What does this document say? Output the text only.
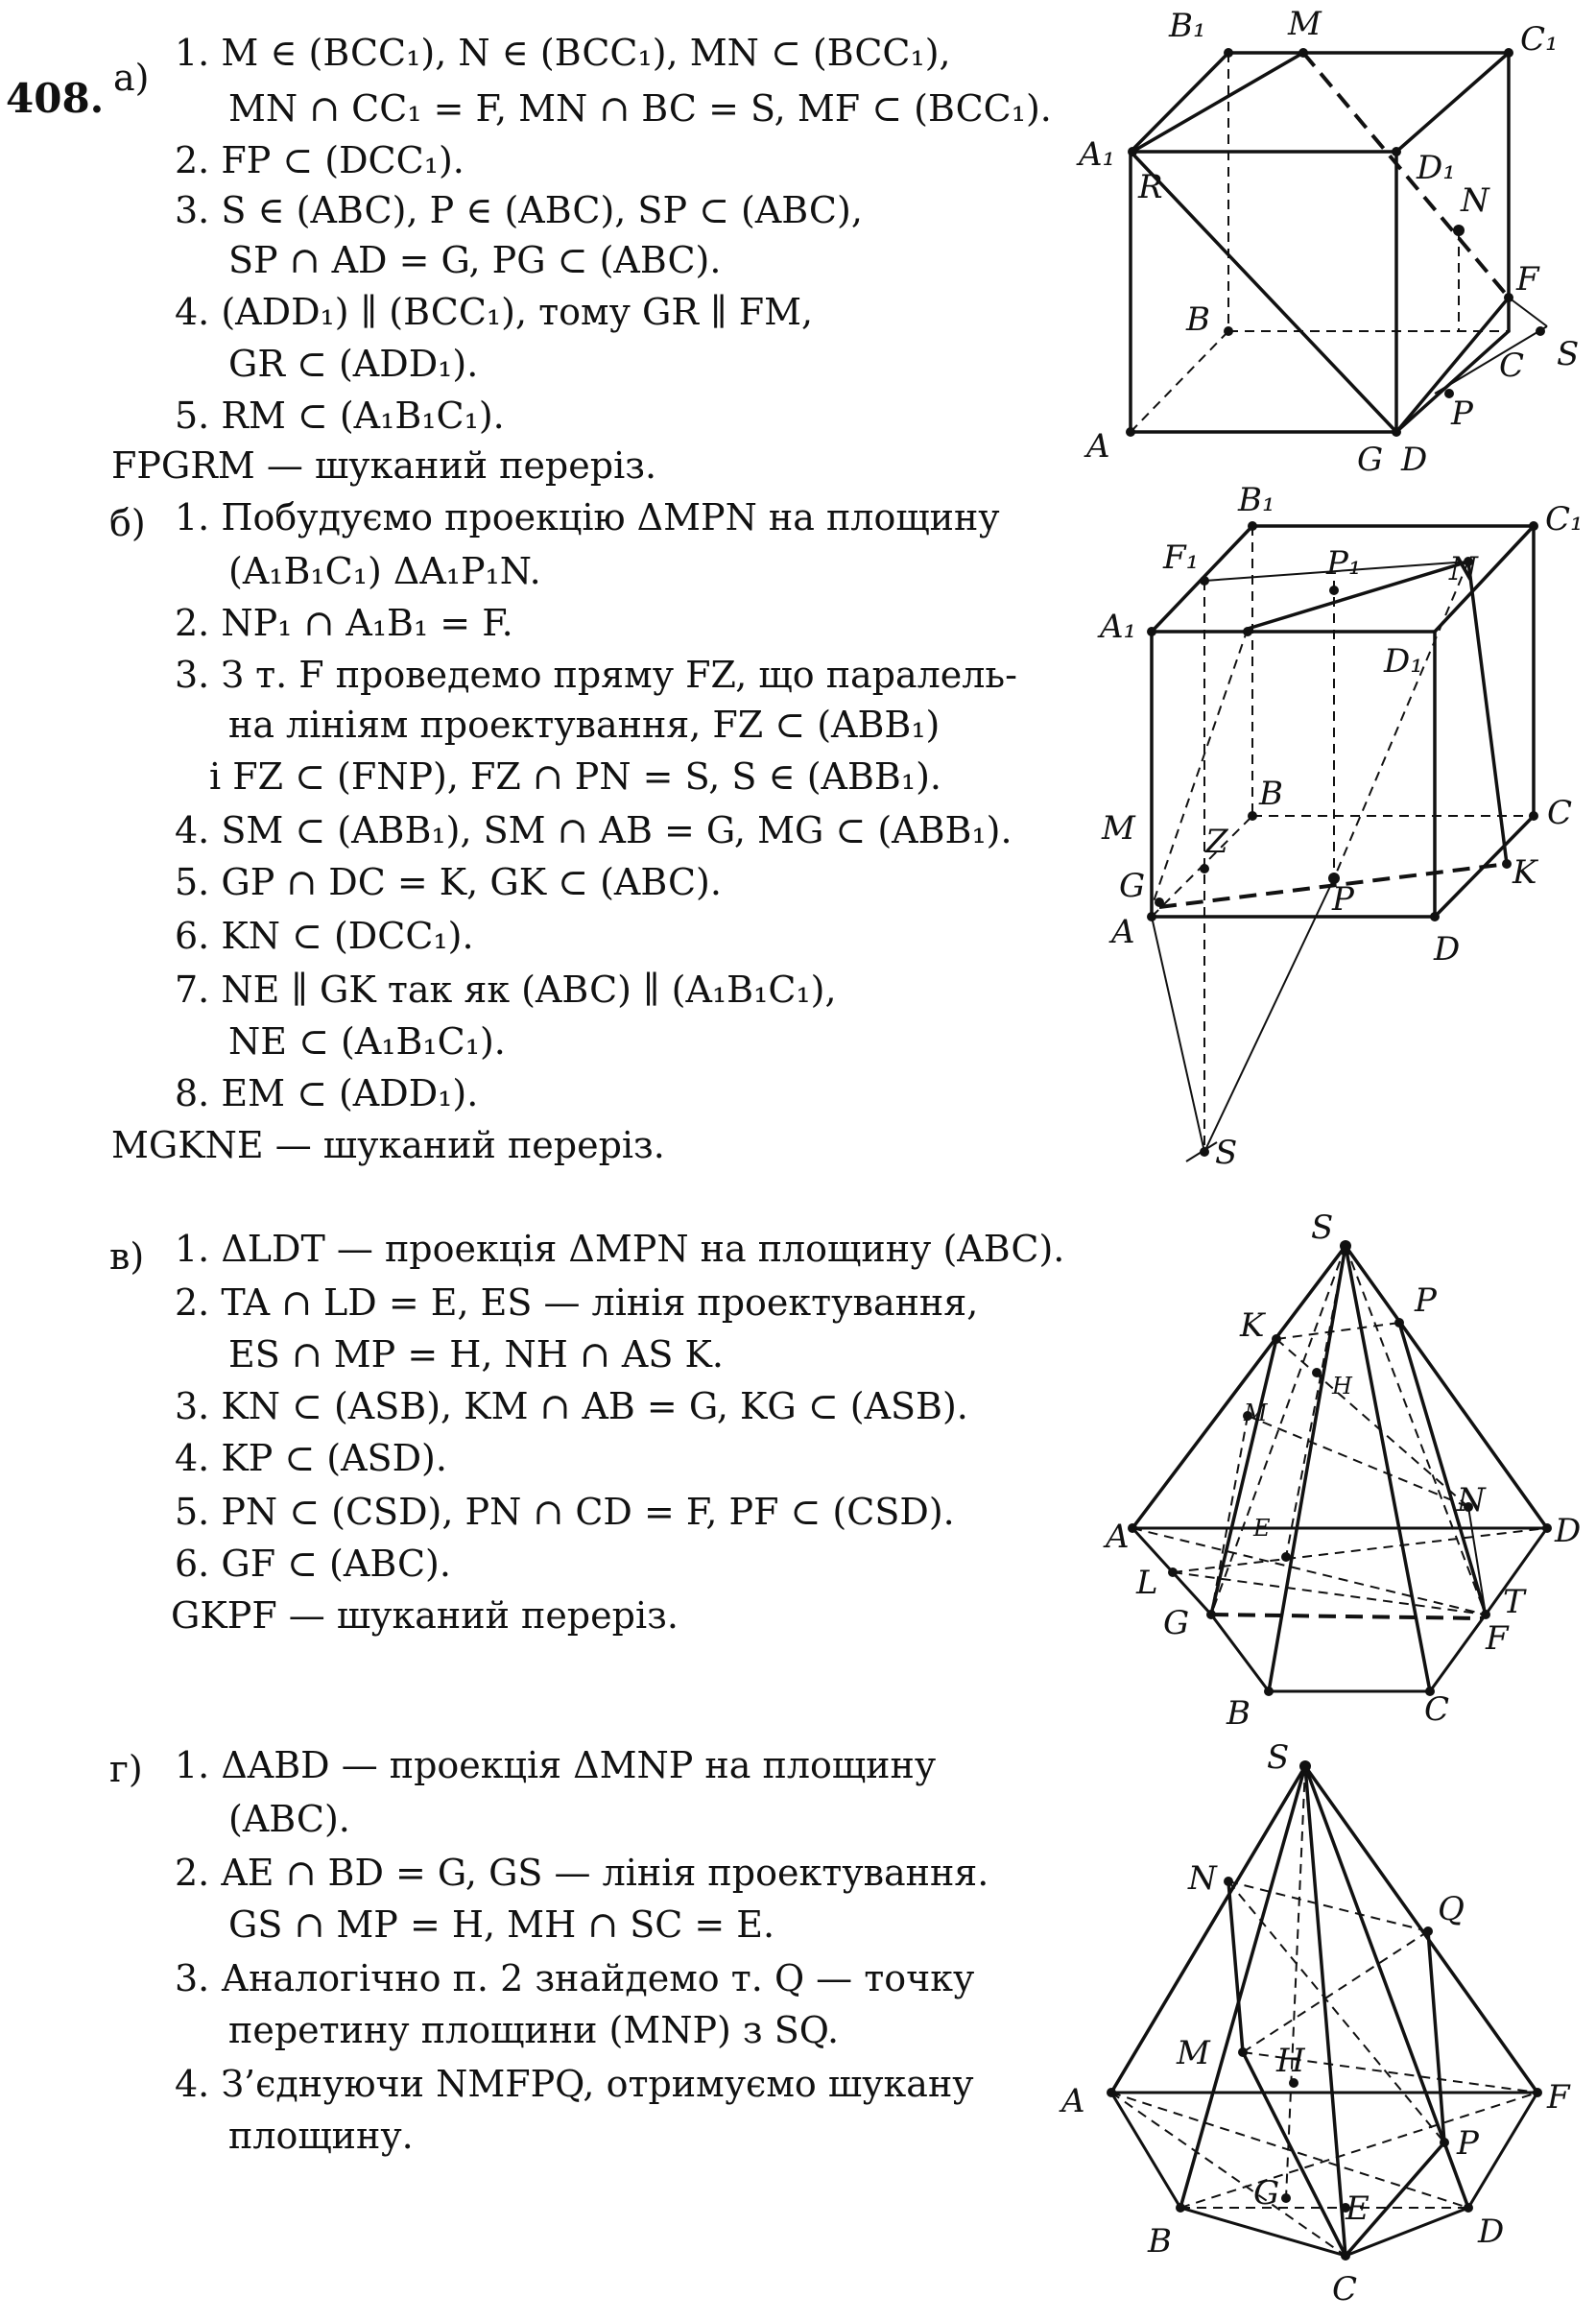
408. а)
1. M ∈ (BCC₁), N ∈ (BCC₁), MN ⊂ (BCC₁),
MN ∩ CC₁ = F, MN ∩ BC = S, MF ⊂ (BCC₁).
2. FP ⊂ (DCC₁).
3. S ∈ (ABC), P ∈ (ABC), SP ⊂ (ABC),
SP ∩ AD = G, PG ⊂ (ABC).
4. (ADD₁) ∥ (BCC₁), тому GR ∥ FM,
GR ⊂ (ADD₁).
5. RM ⊂ (A₁B₁C₁).
FPGRM — шуканий переріз.
б) 1. Побудуємо проекцію ΔMPN на площину
(A₁B₁C₁) ΔA₁P₁N.
2. NP₁ ∩ A₁B₁ = F.
3. З т. F проведемо пряму FZ, що паралель-
на лініям проектування, FZ ⊂ (ABB₁)
і FZ ⊂ (FNP), FZ ∩ PN = S, S ∈ (ABB₁).
4. SM ⊂ (ABB₁), SM ∩ AB = G, MG ⊂ (ABB₁).
5. GP ∩ DC = K, GK ⊂ (ABC).
6. KN ⊂ (DCC₁).
7. NE ∥ GK так як (ABC) ∥ (A₁B₁C₁),
NE ⊂ (A₁B₁C₁).
8. EM ⊂ (ADD₁).
MGKNE — шуканий переріз.
в) 1. ΔLDT — проекція ΔMPN на площину (ABC).
2. TA ∩ LD = E, ES — лінія проектування,
ES ∩ MP = H, NH ∩ AS K.
3. KN ⊂ (ASB), KM ∩ AB = G, KG ⊂ (ASB).
4. KP ⊂ (ASD).
5. PN ⊂ (CSD), PN ∩ CD = F, PF ⊂ (CSD).
6. GF ⊂ (ABC).
GKPF — шуканий переріз.
г) 1. ΔABD — проекція ΔMNP на площину
(ABC).
2. AE ∩ BD = G, GS — лінія проектування.
GS ∩ MP = H, MH ∩ SC = E.
3. Аналогічно п. 2 знайдемо т. Q — точку
перетину площини (MNP) з SQ.
4. З’єднуючи NMFPQ, отримуємо шукану
площину.
B₁	M	C₁
A₁
R	D₁
N
F
B
C S
P
A	G D
B₁	C₁
F₁	P₁	N
A₁
D₁
B	C
M Z
K
G	P
A	D
S
S
K
P
H
M
N
A	E	D
L	T
G	F
B	C
S
N
Q
M H
A	F
P
G E
B	D
C
